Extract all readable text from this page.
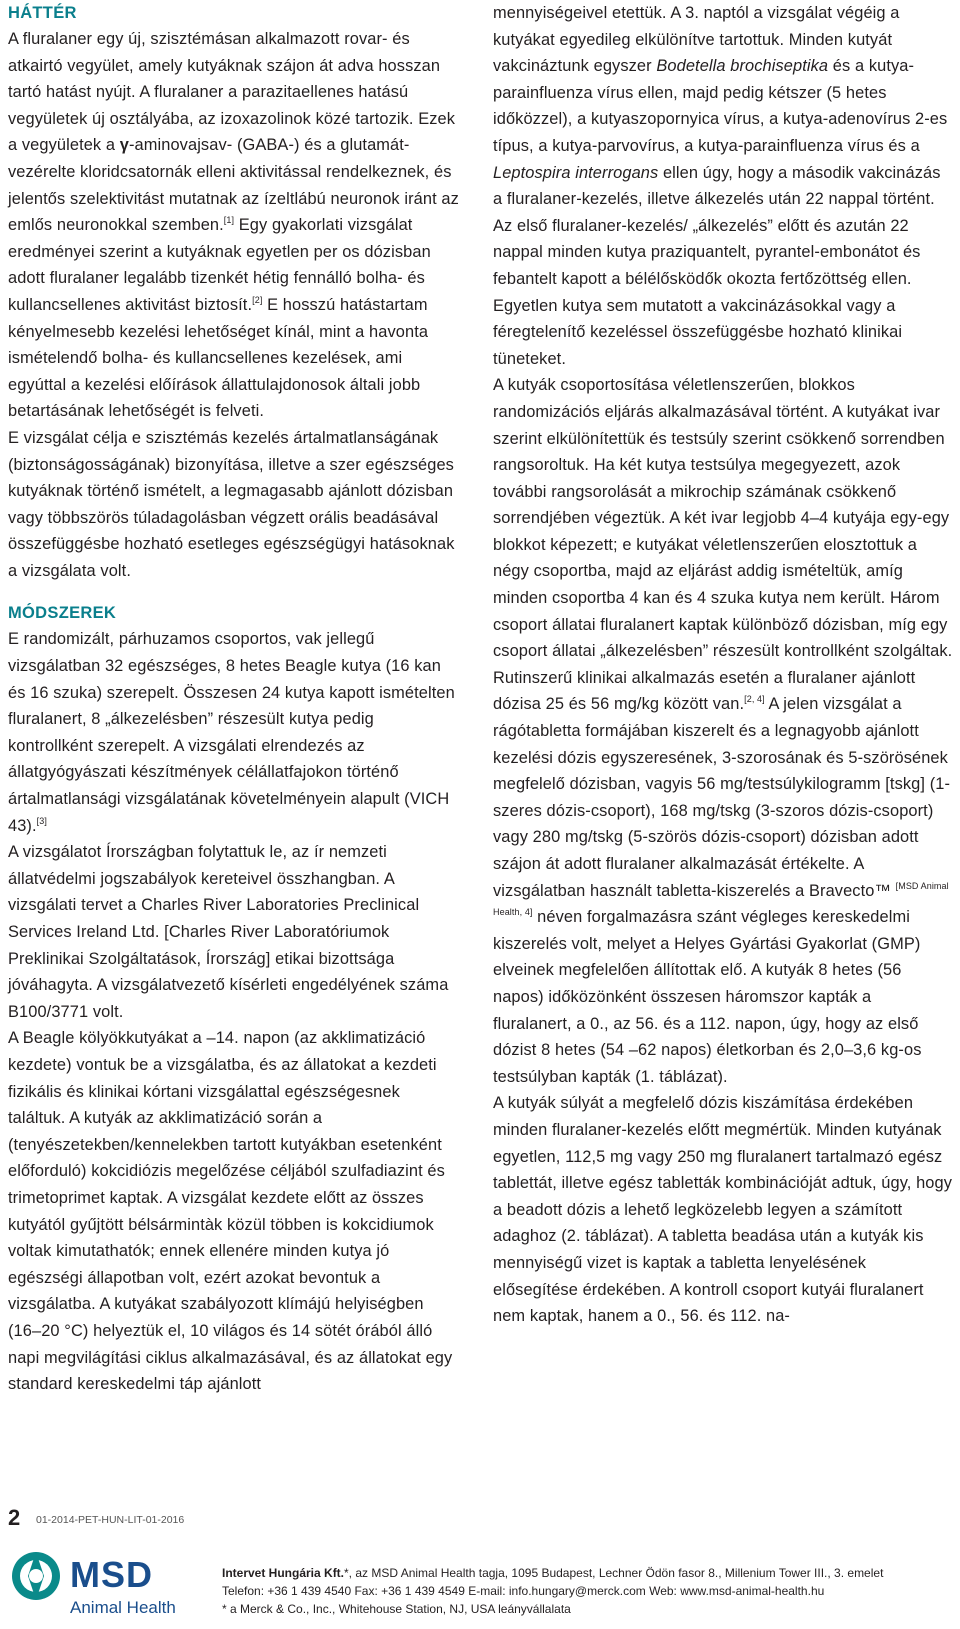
HÁTTÉR

A fluralaner egy új, szisztémásan alkalmazott rovar- és atkairtó vegyület, amely kutyáknak szájon át adva hosszan tartó hatást nyújt. A fluralaner a parazitaellenes hatású vegyületek új osztályába, az izoxazolinok közé tartozik. Ezek a vegyületek a γ-aminovajsav- (GABA-) és a glutamát-vezérelte kloridcsatornák elleni aktivitással rendelkeznek, és jelentős szelektivitást mutatnak az ízeltlábú neuronok iránt az emlős neuronokkal szemben.[1] Egy gyakorlati vizsgálat eredményei szerint a kutyáknak egyetlen per os dózisban adott fluralaner legalább tizenkét hétig fennálló bolha- és kullancsellenes aktivitást biztosít.[2] E hosszú hatástartam kényelmesebb kezelési lehetőséget kínál, mint a havonta ismételendő bolha- és kullancsellenes kezelések, ami egyúttal a kezelési előírások állattulajdonosok általi jobb betartásának lehetőségét is felveti.

E vizsgálat célja e szisztémás kezelés ártalmatlanságának (biztonságosságának) bizonyítása, illetve a szer egészséges kutyáknak történő ismételt, a legmagasabb ajánlott dózisban vagy többszörös túladagolásban végzett orális beadásával összefüggésbe hozható esetleges egészségügyi hatásoknak a vizsgálata volt.

MÓDSZEREK

E randomizált, párhuzamos csoportos, vak jellegű vizsgálatban 32 egészséges, 8 hetes Beagle kutya (16 kan és 16 szuka) szerepelt. Összesen 24 kutya kapott ismételten fluralanert, 8 „álkezelésben” részesült kutya pedig kontrollként szerepelt. A vizsgálati elrendezés az állatgyógyászati készítmények célállatfajokon történő ártalmatlansági vizsgálatának követelményein alapult (VICH 43).[3]

A vizsgálatot Írországban folytattuk le, az ír nemzeti állatvédelmi jogszabályok kereteivel összhangban. A vizsgálati tervet a Charles River Laboratories Preclinical Services Ireland Ltd. [Charles River Laboratóriumok Preklinikai Szolgáltatások, Írország] etikai bizottsága jóváhagyta. A vizsgálatvezető kísérleti engedélyének száma B100/3771 volt.

A Beagle kölyökkutyákat a –14. napon (az akklimatizáció kezdete) vontuk be a vizsgálatba, és az állatokat a kezdeti fizikális és klinikai kórtani vizsgálattal egészségesnek találtuk. A kutyák az akklimatizáció során a (tenyészetekben/kennelekben tartott kutyákban esetenként előforduló) kokcidiózis megelőzése céljából szulfadiazint és trimetoprimet kaptak. A vizsgálat kezdete előtt az összes kutyától gyűjtött bélsármintàk közül többen is kokcidiumok voltak kimutathatók; ennek ellenére minden kutya jó egészségi állapotban volt, ezért azokat bevontuk a vizsgálatba. A kutyákat szabályozott klímájú helyiségben (16–20 °C) helyeztük el, 10 világos és 14 sötét órából álló napi megvilágítási ciklus alkalmazásával, és az állatokat egy standard kereskedelmi táp ajánlott

mennyiségeivel etettük. A 3. naptól a vizsgálat végéig a kutyákat egyedileg elkülönítve tartottuk. Minden kutyát vakcináztunk egyszer Bodetella brochiseptika és a kutya-parainfluenza vírus ellen, majd pedig kétszer (5 hetes időközzel), a kutyaszopornyica vírus, a kutya-adenovírus 2-es típus, a kutya-parvovírus, a kutya-parainfluenza vírus és a Leptospira interrogans ellen úgy, hogy a második vakcinázás a fluralaner-kezelés, illetve álkezelés után 22 nappal történt. Az első fluralaner-kezelés/ „álkezelés” előtt és azután 22 nappal minden kutya praziquantelt, pyrantel-embonátot és febantelt kapott a bélélősködők okozta fertőzöttség ellen. Egyetlen kutya sem mutatott a vakcinázásokkal vagy a féregtelenítő kezeléssel összefüggésbe hozható klinikai tüneteket.

A kutyák csoportosítása véletlenszerűen, blokkos randomizációs eljárás alkalmazásával történt. A kutyákat ivar szerint elkülönítettük és testsúly szerint csökkenő sorrendben rangsoroltuk. Ha két kutya testsúlya megegyezett, azok további rangsorolását a mikrochip számának csökkenő sorrendjében végeztük. A két ivar legjobb 4–4 kutyája egy-egy blokkot képezett; e kutyákat véletlenszerűen elosztottuk a négy csoportba, majd az eljárást addig ismételtük, amíg minden csoportba 4 kan és 4 szuka kutya nem került. Három csoport állatai fluralanert kaptak különböző dózisban, míg egy csoport állatai „álkezelésben” részesült kontrollként szolgáltak.

Rutinszerű klinikai alkalmazás esetén a fluralaner ajánlott dózisa 25 és 56 mg/kg között van.[2, 4] A jelen vizsgálat a rágótabletta formájában kiszerelt és a legnagyobb ajánlott kezelési dózis egyszeresének, 3-szorosának és 5-szörösének megfelelő dózisban, vagyis 56 mg/testsúlykilogramm [tskg] (1-szeres dózis-csoport), 168 mg/tskg (3-szoros dózis-csoport) vagy 280 mg/tskg (5-szörös dózis-csoport) dózisban adott szájon át adott fluralaner alkalmazását értékelte. A vizsgálatban használt tabletta-kiszerelés a Bravecto™ [MSD Animal Health, 4] néven forgalmazásra szánt végleges kereskedelmi kiszerelés volt, melyet a Helyes Gyártási Gyakorlat (GMP) elveinek megfelelően állítottak elő. A kutyák 8 hetes (56 napos) időközönként összesen háromszor kapták a fluralanert, a 0., az 56. és a 112. napon, úgy, hogy az első dózist 8 hetes (54 –62 napos) életkorban és 2,0–3,6 kg-os testsúlyban kapták (1. táblázat).

A kutyák súlyát a megfelelő dózis kiszámítása érdekében minden fluralaner-kezelés előtt megmértük. Minden kutyának egyetlen, 112,5 mg vagy 250 mg fluralanert tartalmazó egész tablettát, illetve egész tabletták kombinációját adtuk, úgy, hogy a beadott dózis a lehető legközelebb legyen a számított adaghoz (2. táblázat). A tabletta beadása után a kutyák kis mennyiségű vizet is kaptak a tabletta lenyelésének elősegítése érdekében. A kontroll csoport kutyái fluralanert nem kaptak, hanem a 0., 56. és 112. na-

2 01-2014-PET-HUN-LIT-01-2016
MSD
Animal Health
Intervet Hungária Kft.*, az MSD Animal Health tagja, 1095 Budapest, Lechner Ödön fasor 8., Millenium Tower III., 3. emelet
Telefon: +36 1 439 4540 Fax: +36 1 439 4549 E-mail: info.hungary@merck.com Web: www.msd-animal-health.hu
* a Merck & Co., Inc., Whitehouse Station, NJ, USA leányvállalata
